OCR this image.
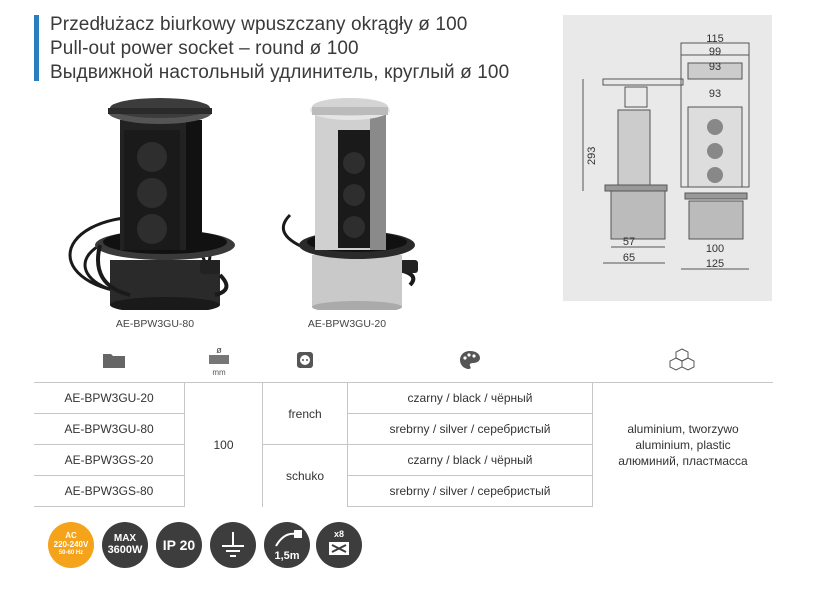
Przedłużacz biurkowy wpuszczany okrągły ø 100
Pull-out power socket – round ø 100
Выдвижной настольный удлинитель, круглый ø 100
AE-BPW3GU-80	AE-BPW3GU-20
115
99
93
93
293
57
65
100
125
ø
mm
AE-BPW3GU-20	100	french	czarny / black / чёрный	aluminium, tworzywo
aluminium, plastic
алюминий, пластмасса

AE-BPW3GU-80			srebrny / silver / серебристый	
AE-BPW3GS-20		schuko	czarny / black / чёрный	
AE-BPW3GS-80			srebrny / silver / серебристый	
AC
220-240V
50-60 Hz
MAX
3600W	IP 20
1,5m
x8
